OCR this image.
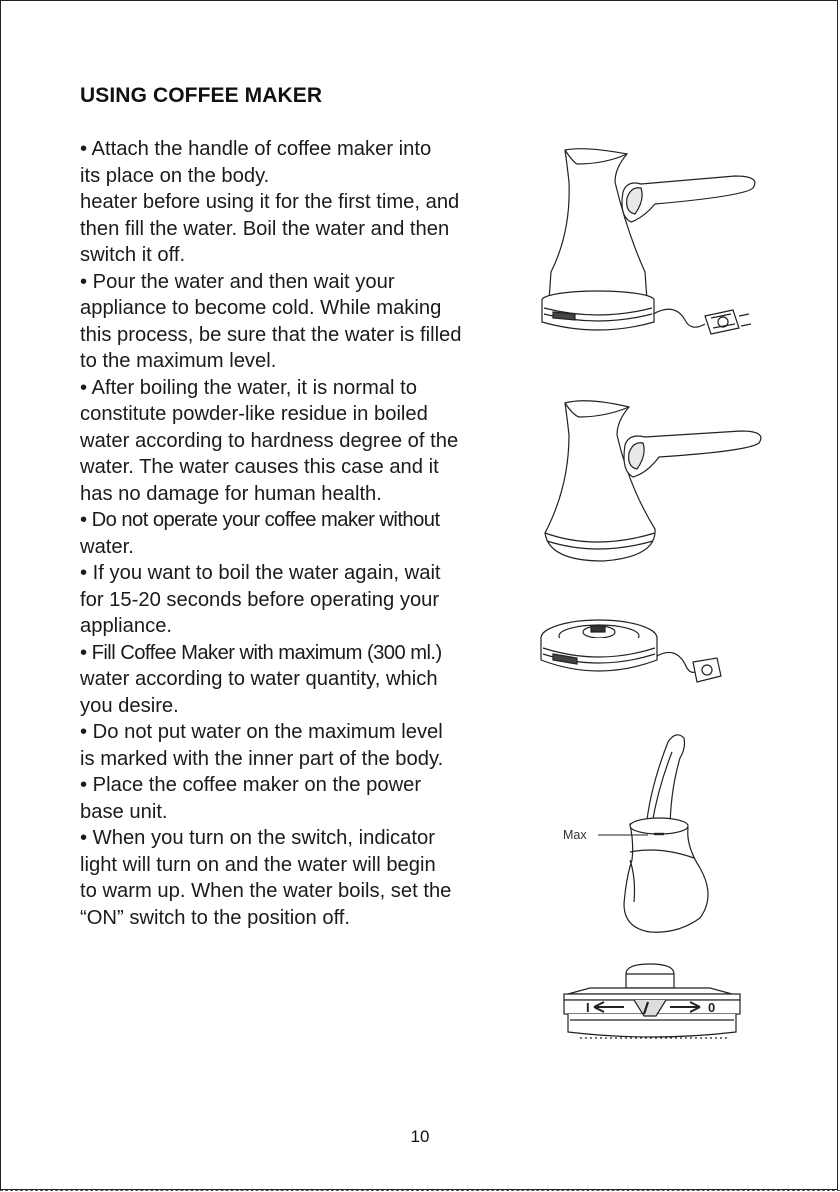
USING COFFEE MAKER
• Attach the handle of coffee maker into
its place on the body.
heater before using it for the first time, and
then fill the water. Boil the water and then
switch it off.
• Pour the water and then wait your
appliance to become cold. While making
this process, be sure that the water is filled
to the maximum level.
• After boiling the water, it is normal to
constitute powder-like residue in boiled
water according to hardness degree of the
water. The water causes this case and it
has no damage for human health.
• Do not operate your coffee maker without
water.
• If you want to boil the water again, wait
for 15-20 seconds before operating your
appliance.
• Fill Coffee Maker with maximum (300 ml.)
water according to water quantity, which
you desire.
• Do not put water on the maximum level
is marked with the inner part of the body.
• Place the coffee maker on the power
base unit.
• When you turn on the switch, indicator
light will turn on and the water will begin
to warm up. When the water boils, set the
“ON” switch to the position off.
Max
I	0
10
